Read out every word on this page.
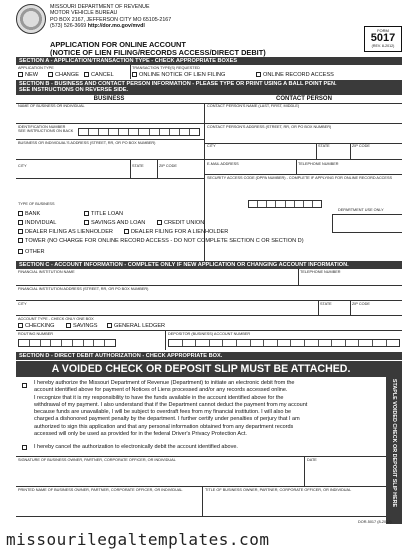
MISSOURI DEPARTMENT OF REVENUE
MOTOR VEHICLE BUREAU
PO BOX 2167, JEFFERSON CITY MO 65105-2167
(573) 526-3669 http://dor.mo.gov/mvdl
APPLICATION FOR ONLINE ACCOUNT
(NOTICE OF LIEN FILING/RECORDS ACCESS/DIRECT DEBIT)
FORM
5017
(REV. 8-2012)
SECTION A - APPLICATION/TRANSACTION TYPE - CHECK APPROPRIATE BOXES
APPLICATION TYPE	TRANSACTION TYPE(S) REQUESTED
NEW	CHANGE CANCEL	ONLINE NOTICE OF LIEN FILING	ONLINE RECORD ACCESS
SECTION B - BUSINESS AND CONTACT PERSON INFORMATION - PLEASE TYPE OR PRINT USING A BALL POINT PEN.
SEE INSTRUCTIONS ON REVERSE SIDE.
BUSINESS	CONTACT PERSON
NAME OF BUSINESS OR INDIVIDUAL	CONTACT PERSON'S NAME (LAST, FIRST, MIDDLE)
IDENTIFICATION NUMBER
SEE INSTRUCTIONS ON BACK
CONTACT PERSON'S ADDRESS (STREET, RR, OR PO BOX NUMBER)
BUSINESS OR INDIVIDUAL'S ADDRESS (STREET, RR, OR PO BOX NUMBER)
CITY	STATE	ZIP CODE
CITY	STATE	ZIP CODE	E-MAIL ADDRESS	TELEPHONE NUMBER
SECURITY ACCESS CODE (DPPA NUMBER) - COMPLETE IF APPLYING FOR ONLINE RECORD ACCESS
DEPARTMENT USE ONLY
TYPE OF BUSINESS
BANK	TITLE LOAN
INDIVIDUAL	SAVINGS AND LOAN	CREDIT UNION
DEALER FILING AS LIENHOLDER	DEALER FILING FOR A LIENHOLDER
TOWER (NO CHARGE FOR ONLINE RECORD ACCESS - DO NOT COMPLETE SECTION C OR SECTION D)
OTHER
SECTION C - ACCOUNT INFORMATION - COMPLETE ONLY IF NEW APPLICATION OR CHANGING ACCOUNT INFORMATION.
FINANCIAL INSTITUTION NAME	TELEPHONE NUMBER
FINANCIAL INSTITUTION ADDRESS (STREET, RR, OR PO BOX NUMBER)
CITY	STATE	ZIP CODE
ACCOUNT TYPE - CHECK ONLY ONE BOX
CHECKING	SAVINGS	GENERAL LEDGER
ROUTING NUMBER	DEPOSITOR (BUSINESS) ACCOUNT NUMBER
SECTION D - DIRECT DEBIT AUTHORIZATION - CHECK APPROPRIATE BOX.
A VOIDED CHECK OR DEPOSIT SLIP MUST BE ATTACHED.
STAPLE VOIDED CHECK OR DEPOSIT SLIP HERE
I hereby authorize the Missouri Department of Revenue (Department) to initiate an electronic debit from the
account identified above for payment of Notices of Liens processed and/or any records accessed online.
I recognize that it is my responsibility to have the funds available in the account identified above for the
withdrawal of my payment. I also understand that if the Department cannot deduct the payment from my account
because funds are unavailable, I will be subject to overdraft fees from my financial institution. I will also be
charged a dishonored payment penalty by the department. I further certify under penalties of perjury that I am
authorized to sign this application and that any personal information obtained from any department records
accessed will only be used as provided for in the federal Driver's Privacy Protection Act.
I hereby cancel the authorization to electronically debit the account identified above.
SIGNATURE OF BUSINESS OWNER, PARTNER, CORPORATE OFFICER, OR INDIVIDUAL	DATE
PRINTED NAME OF BUSINESS OWNER, PARTNER, CORPORATE OFFICER, OR INDIVIDUAL	TITLE OF BUSINESS OWNER, PARTNER, CORPORATE OFFICER, OR INDIVIDUAL
DOR-5017 (8-2012)
missourilegaltemplates.com
